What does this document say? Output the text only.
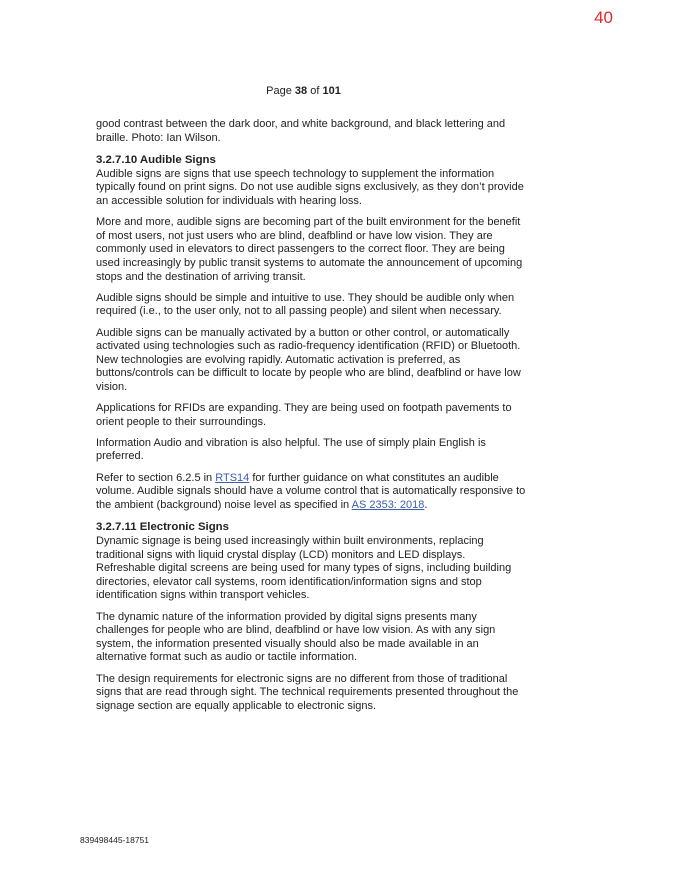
40
Page 38 of 101

good contrast between the dark door, and white background, and black lettering and braille. Photo: Ian Wilson.

3.2.7.10 Audible Signs

Audible signs are signs that use speech technology to supplement the information typically found on print signs. Do not use audible signs exclusively, as they don’t provide an accessible solution for individuals with hearing loss.

More and more, audible signs are becoming part of the built environment for the benefit of most users, not just users who are blind, deafblind or have low vision. They are commonly used in elevators to direct passengers to the correct floor. They are being used increasingly by public transit systems to automate the announcement of upcoming stops and the destination of arriving transit.

Audible signs should be simple and intuitive to use. They should be audible only when required (i.e., to the user only, not to all passing people) and silent when necessary.

Audible signs can be manually activated by a button or other control, or automatically activated using technologies such as radio-frequency identification (RFID) or Bluetooth. New technologies are evolving rapidly. Automatic activation is preferred, as buttons/controls can be difficult to locate by people who are blind, deafblind or have low vision.

Applications for RFIDs are expanding. They are being used on footpath pavements to orient people to their surroundings.

Information Audio and vibration is also helpful. The use of simply plain English is preferred.

Refer to section 6.2.5 in RTS14 for further guidance on what constitutes an audible volume. Audible signals should have a volume control that is automatically responsive to the ambient (background) noise level as specified in AS 2353: 2018.

3.2.7.11 Electronic Signs

Dynamic signage is being used increasingly within built environments, replacing traditional signs with liquid crystal display (LCD) monitors and LED displays. Refreshable digital screens are being used for many types of signs, including building directories, elevator call systems, room identification/information signs and stop identification signs within transport vehicles.

The dynamic nature of the information provided by digital signs presents many challenges for people who are blind, deafblind or have low vision. As with any sign system, the information presented visually should also be made available in an alternative format such as audio or tactile information.

The design requirements for electronic signs are no different from those of traditional signs that are read through sight. The technical requirements presented throughout the signage section are equally applicable to electronic signs.

839498445-18751
